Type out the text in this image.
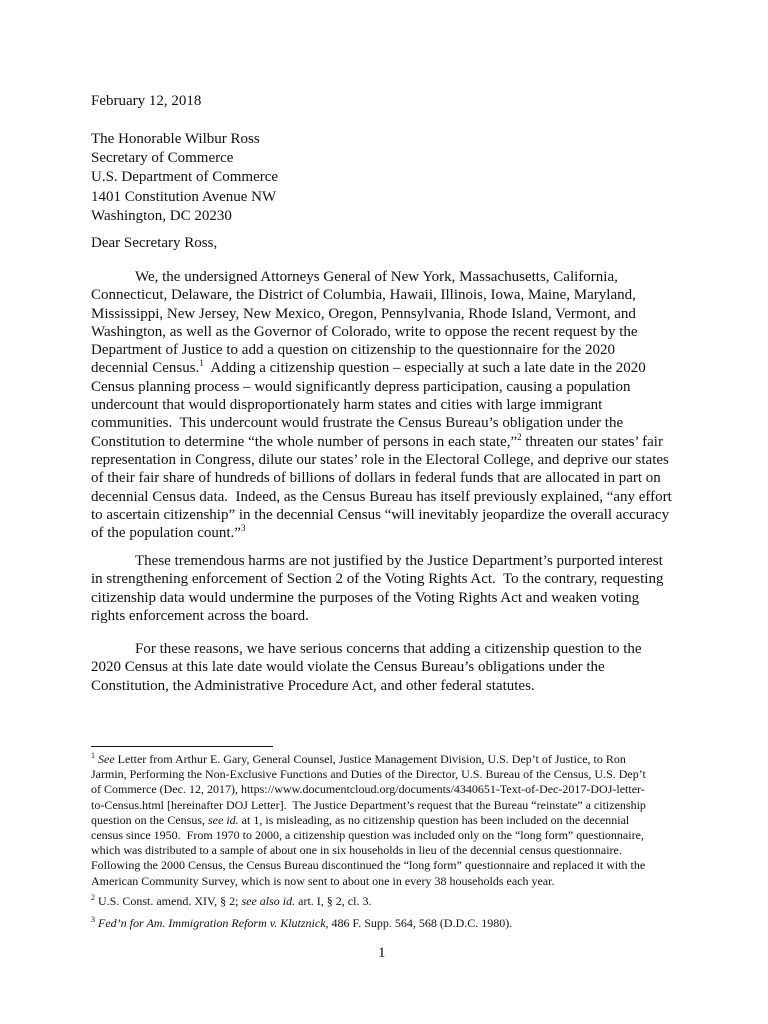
February 12, 2018
The Honorable Wilbur Ross
Secretary of Commerce
U.S. Department of Commerce
1401 Constitution Avenue NW
Washington, DC 20230
Dear Secretary Ross,
We, the undersigned Attorneys General of New York, Massachusetts, California,
Connecticut, Delaware, the District of Columbia, Hawaii, Illinois, Iowa, Maine, Maryland,
Mississippi, New Jersey, New Mexico, Oregon, Pennsylvania, Rhode Island, Vermont, and
Washington, as well as the Governor of Colorado, write to oppose the recent request by the
Department of Justice to add a question on citizenship to the questionnaire for the 2020
decennial Census.$^1$  Adding a citizenship question – especially at such a late date in the 2020
Census planning process – would significantly depress participation, causing a population
undercount that would disproportionately harm states and cities with large immigrant
communities.  This undercount would frustrate the Census Bureau’s obligation under the
Constitution to determine “the whole number of persons in each state,”$^2$ threaten our states’ fair
representation in Congress, dilute our states’ role in the Electoral College, and deprive our states
of their fair share of hundreds of billions of dollars in federal funds that are allocated in part on
decennial Census data.  Indeed, as the Census Bureau has itself previously explained, “any effort
to ascertain citizenship” in the decennial Census “will inevitably jeopardize the overall accuracy
of the population count.”$^3$
These tremendous harms are not justified by the Justice Department’s purported interest
in strengthening enforcement of Section 2 of the Voting Rights Act.  To the contrary, requesting
citizenship data would undermine the purposes of the Voting Rights Act and weaken voting
rights enforcement across the board.
For these reasons, we have serious concerns that adding a citizenship question to the
2020 Census at this late date would violate the Census Bureau’s obligations under the
Constitution, the Administrative Procedure Act, and other federal statutes.
$^1$ See Letter from Arthur E. Gary, General Counsel, Justice Management Division, U.S. Dep’t of Justice, to Ron
Jarmin, Performing the Non-Exclusive Functions and Duties of the Director, U.S. Bureau of the Census, U.S. Dep’t
of Commerce (Dec. 12, 2017), https://www.documentcloud.org/documents/4340651-Text-of-Dec-2017-DOJ-letter-
to-Census.html [hereinafter DOJ Letter].  The Justice Department’s request that the Bureau “reinstate” a citizenship
question on the Census, see id. at 1, is misleading, as no citizenship question has been included on the decennial
census since 1950.  From 1970 to 2000, a citizenship question was included only on the “long form” questionnaire,
which was distributed to a sample of about one in six households in lieu of the decennial census questionnaire.
Following the 2000 Census, the Census Bureau discontinued the “long form” questionnaire and replaced it with the
American Community Survey, which is now sent to about one in every 38 households each year.
$^2$ U.S. Const. amend. XIV, § 2; see also id. art. I, § 2, cl. 3.
$^3$ Fed’n for Am. Immigration Reform v. Klutznick, 486 F. Supp. 564, 568 (D.D.C. 1980).
1
